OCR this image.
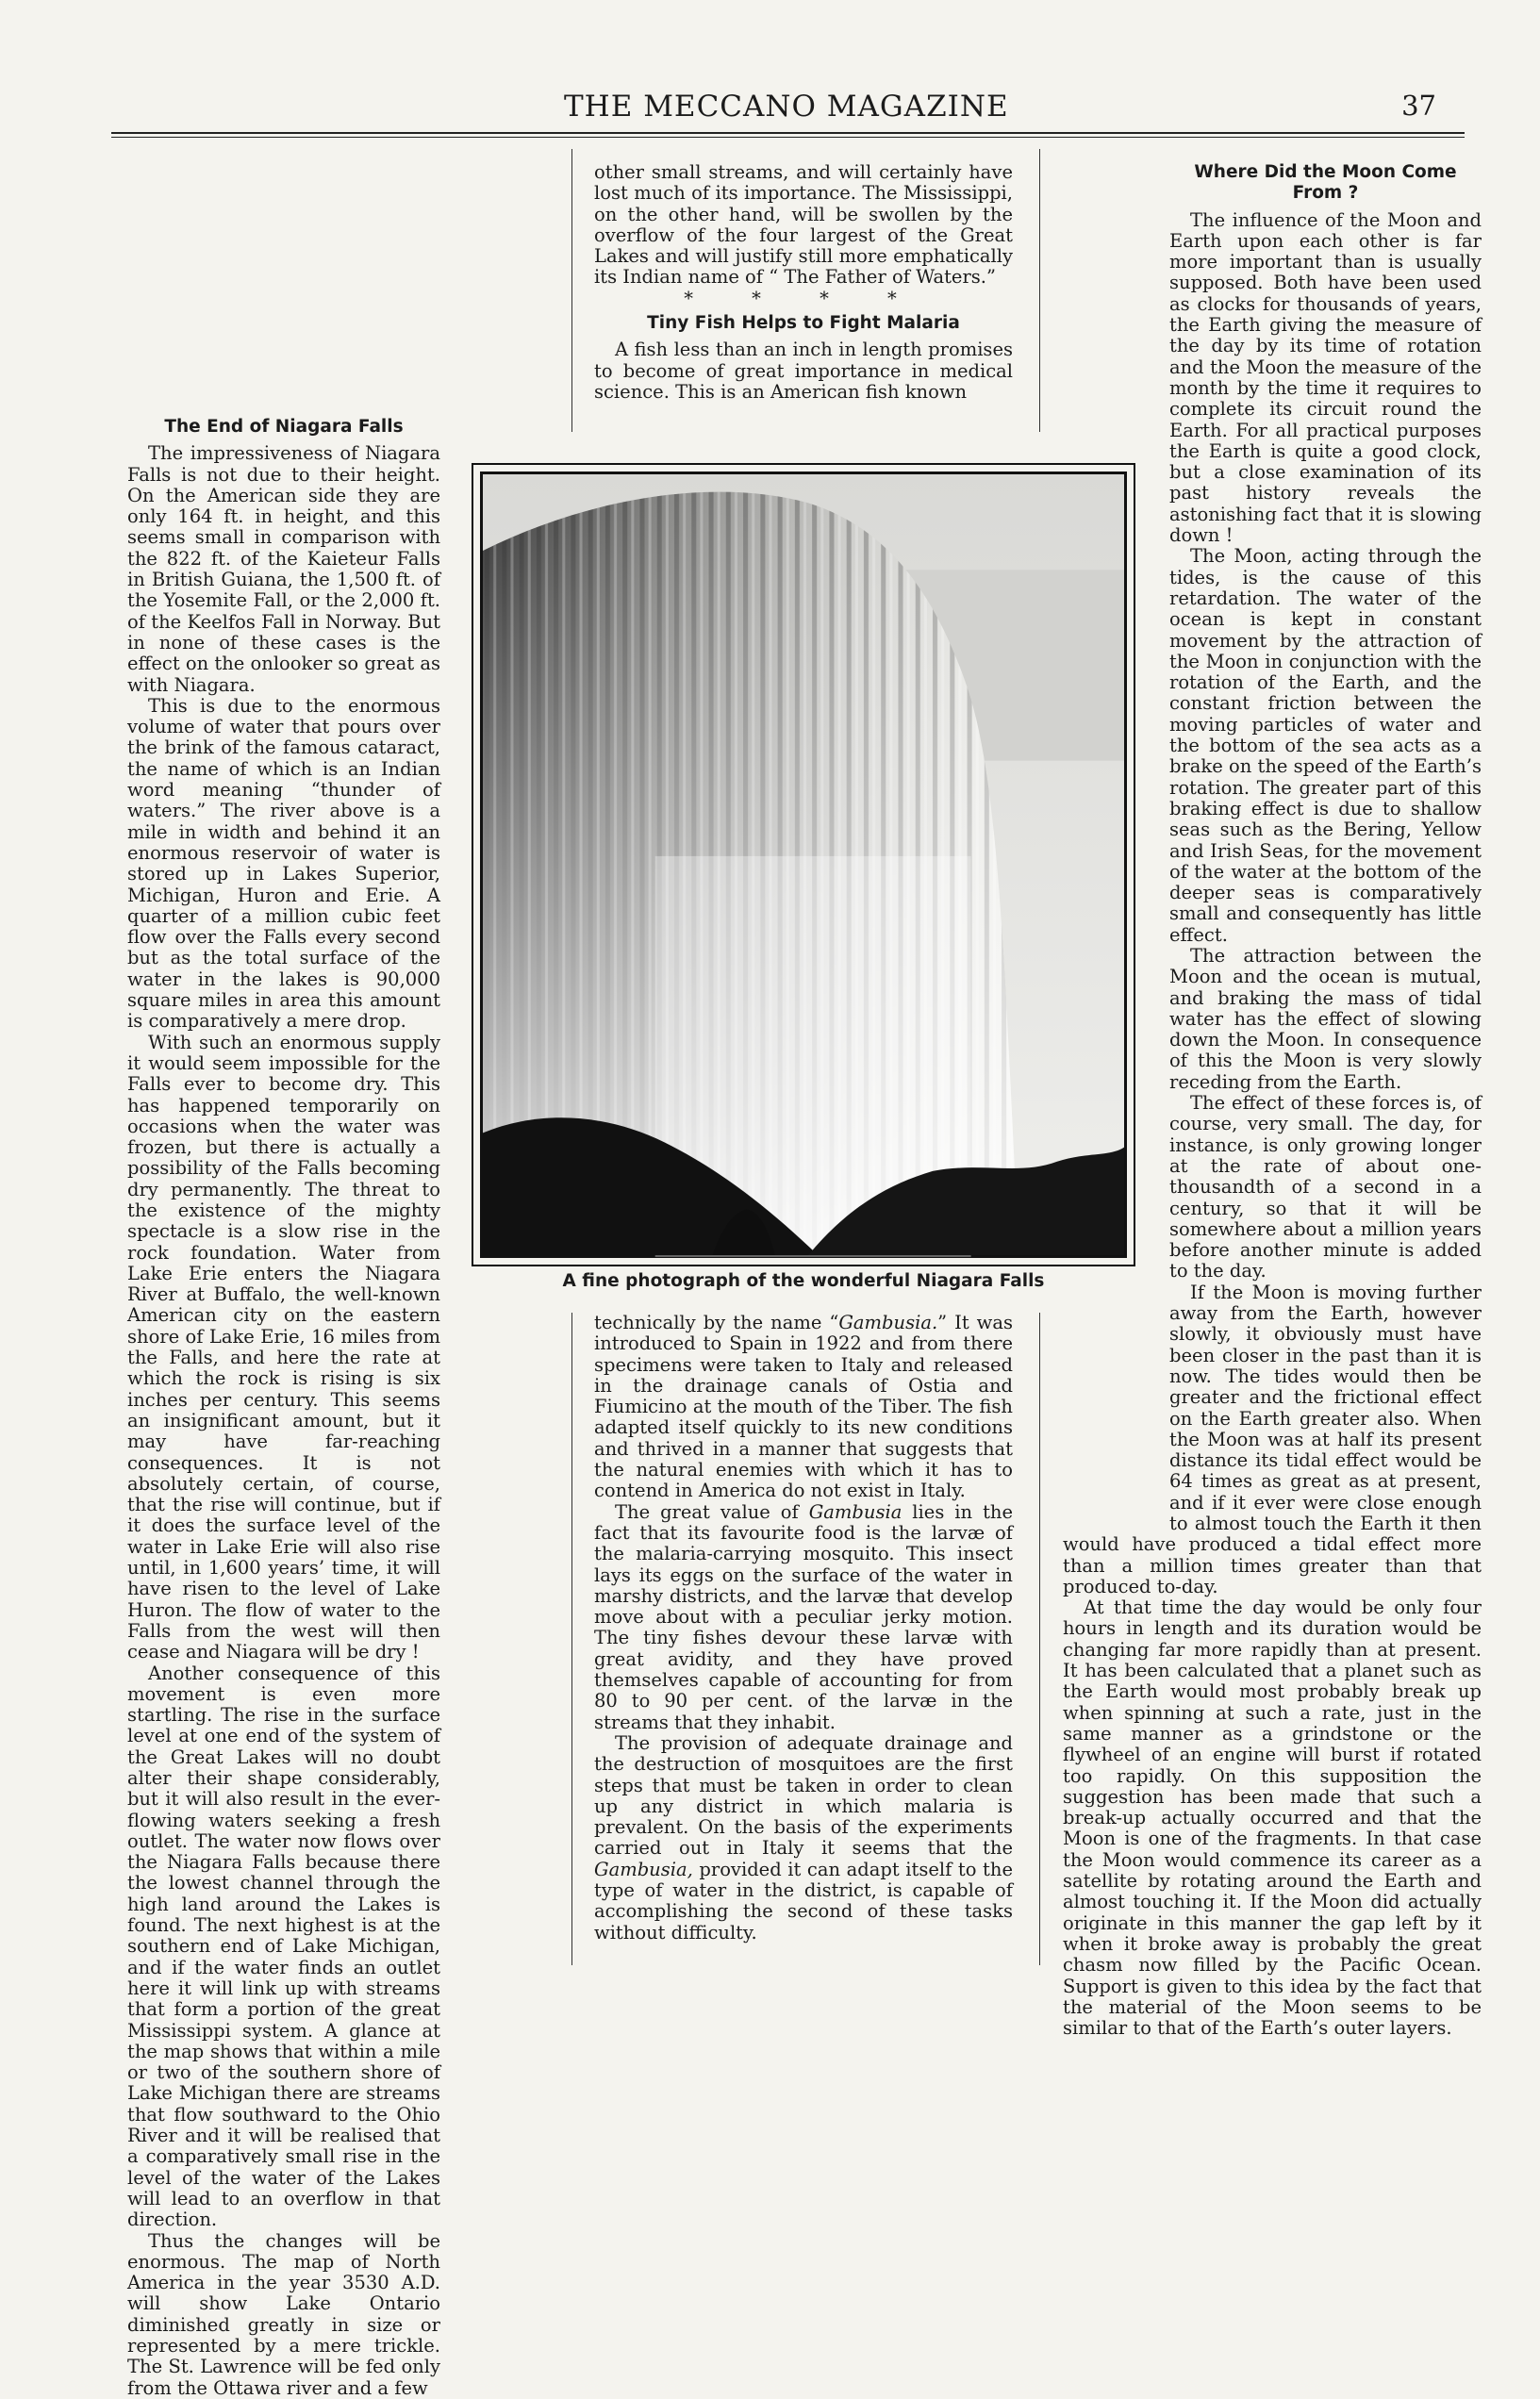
THE MECCANO MAGAZINE	37
The End of Niagara Falls

The impressiveness of Niagara Falls is not due to their height. On the American side they are only 164 ft. in height, and this seems small in comparison with the 822 ft. of the Kaieteur Falls in British Guiana, the 1,500 ft. of the Yosemite Fall, or the 2,000 ft. of the Keelfos Fall in Norway. But in none of these cases is the effect on the onlooker so great as with Niagara.

This is due to the enormous volume of water that pours over the brink of the famous cataract, the name of which is an Indian word meaning “thunder of waters.” The river above is a mile in width and behind it an enormous reservoir of water is stored up in Lakes Superior, Michigan, Huron and Erie. A quarter of a million cubic feet flow over the Falls every second but as the total surface of the water in the lakes is 90,000 square miles in area this amount is comparatively a mere drop.

With such an enormous supply it would seem impossible for the Falls ever to become dry. This has happened temporarily on occasions when the water was frozen, but there is actually a possibility of the Falls becoming dry permanently. The threat to the existence of the mighty spectacle is a slow rise in the rock foundation. Water from Lake Erie enters the Niagara River at Buffalo, the well-known American city on the eastern shore of Lake Erie, 16 miles from the Falls, and here the rate at which the rock is rising is six inches per century. This seems an insignificant amount, but it may have far-reaching consequences. It is not absolutely certain, of course, that the rise will continue, but if it does the surface level of the water in Lake Erie will also rise until, in 1,600 years’ time, it will have risen to the level of Lake Huron. The flow of water to the Falls from the west will then cease and Niagara will be dry !

Another consequence of this movement is even more startling. The rise in the surface level at one end of the system of the Great Lakes will no doubt alter their shape considerably, but it will also result in the ever-flowing waters seeking a fresh outlet. The water now flows over the Niagara Falls because there the lowest channel through the high land around the Lakes is found. The next highest is at the southern end of Lake Michigan, and if the water finds an outlet here it will link up with streams that form a portion of the great Mississippi system. A glance at the map shows that within a mile or two of the southern shore of Lake Michigan there are streams that flow southward to the Ohio River and it will be realised that a comparatively small rise in the level of the water of the Lakes will lead to an overflow in that direction.

Thus the changes will be enormous. The map of North America in the year 3530 A.D. will show Lake Ontario diminished greatly in size or represented by a mere trickle. The St. Lawrence will be fed only from the Ottawa river and a few

other small streams, and will certainly have lost much of its importance. The Mississippi, on the other hand, will be swollen by the overflow of the four largest of the Great Lakes and will justify still more emphatically its Indian name of “ The Father of Waters.”

* * * *
Tiny Fish Helps to Fight Malaria

A fish less than an inch in length promises to become of great importance in medical science. This is an American fish known

technically by the name “Gambusia.” It was introduced to Spain in 1922 and from there specimens were taken to Italy and released in the drainage canals of Ostia and Fiumicino at the mouth of the Tiber. The fish adapted itself quickly to its new conditions and thrived in a manner that suggests that the natural enemies with which it has to contend in America do not exist in Italy.

The great value of Gambusia lies in the fact that its favourite food is the larvæ of the malaria-carrying mosquito. This insect lays its eggs on the surface of the water in marshy districts, and the larvæ that develop move about with a peculiar jerky motion. The tiny fishes devour these larvæ with great avidity, and they have proved themselves capable of accounting for from 80 to 90 per cent. of the larvæ in the streams that they inhabit.

The provision of adequate drainage and the destruction of mosquitoes are the first steps that must be taken in order to clean up any district in which malaria is prevalent. On the basis of the experiments carried out in Italy it seems that the Gambusia, provided it can adapt itself to the type of water in the district, is capable of accomplishing the second of these tasks without difficulty.

Where Did the Moon Come From ?

The influence of the Moon and Earth upon each other is far more important than is usually supposed. Both have been used as clocks for thousands of years, the Earth giving the measure of the day by its time of rotation and the Moon the measure of the month by the time it requires to complete its circuit round the Earth. For all practical purposes the Earth is quite a good clock, but a close examination of its past history reveals the astonishing fact that it is slowing down !

The Moon, acting through the tides, is the cause of this retardation. The water of the ocean is kept in constant movement by the attraction of the Moon in conjunction with the rotation of the Earth, and the constant friction between the moving particles of water and the bottom of the sea acts as a brake on the speed of the Earth’s rotation. The greater part of this braking effect is due to shallow seas such as the Bering, Yellow and Irish Seas, for the movement of the water at the bottom of the deeper seas is comparatively small and consequently has little effect.

The attraction between the Moon and the ocean is mutual, and braking the mass of tidal water has the effect of slowing down the Moon. In consequence of this the Moon is very slowly receding from the Earth.

The effect of these forces is, of course, very small. The day, for instance, is only growing longer at the rate of about one-thousandth of a second in a century, so that it will be somewhere about a million years before another minute is added to the day.

If the Moon is moving further away from the Earth, however slowly, it obviously must have been closer in the past than it is now. The tides would then be greater and the frictional effect on the Earth greater also. When the Moon was at half its present distance its tidal effect would be 64 times as great as at present, and if it ever were close enough to almost touch the Earth it then would have produced a tidal effect more than a million times greater than that produced to-day.

At that time the day would be only four hours in length and its duration would be changing far more rapidly than at present. It has been calculated that a planet such as the Earth would most probably break up when spinning at such a rate, just in the same manner as a grindstone or the flywheel of an engine will burst if rotated too rapidly. On this supposition the suggestion has been made that such a break-up actually occurred and that the Moon is one of the fragments. In that case the Moon would commence its career as a satellite by rotating around the Earth and almost touching it. If the Moon did actually originate in this manner the gap left by it when it broke away is probably the great chasm now filled by the Pacific Ocean. Support is given to this idea by the fact that the material of the Moon seems to be similar to that of the Earth’s outer layers.

A fine photograph of the wonderful Niagara Falls
